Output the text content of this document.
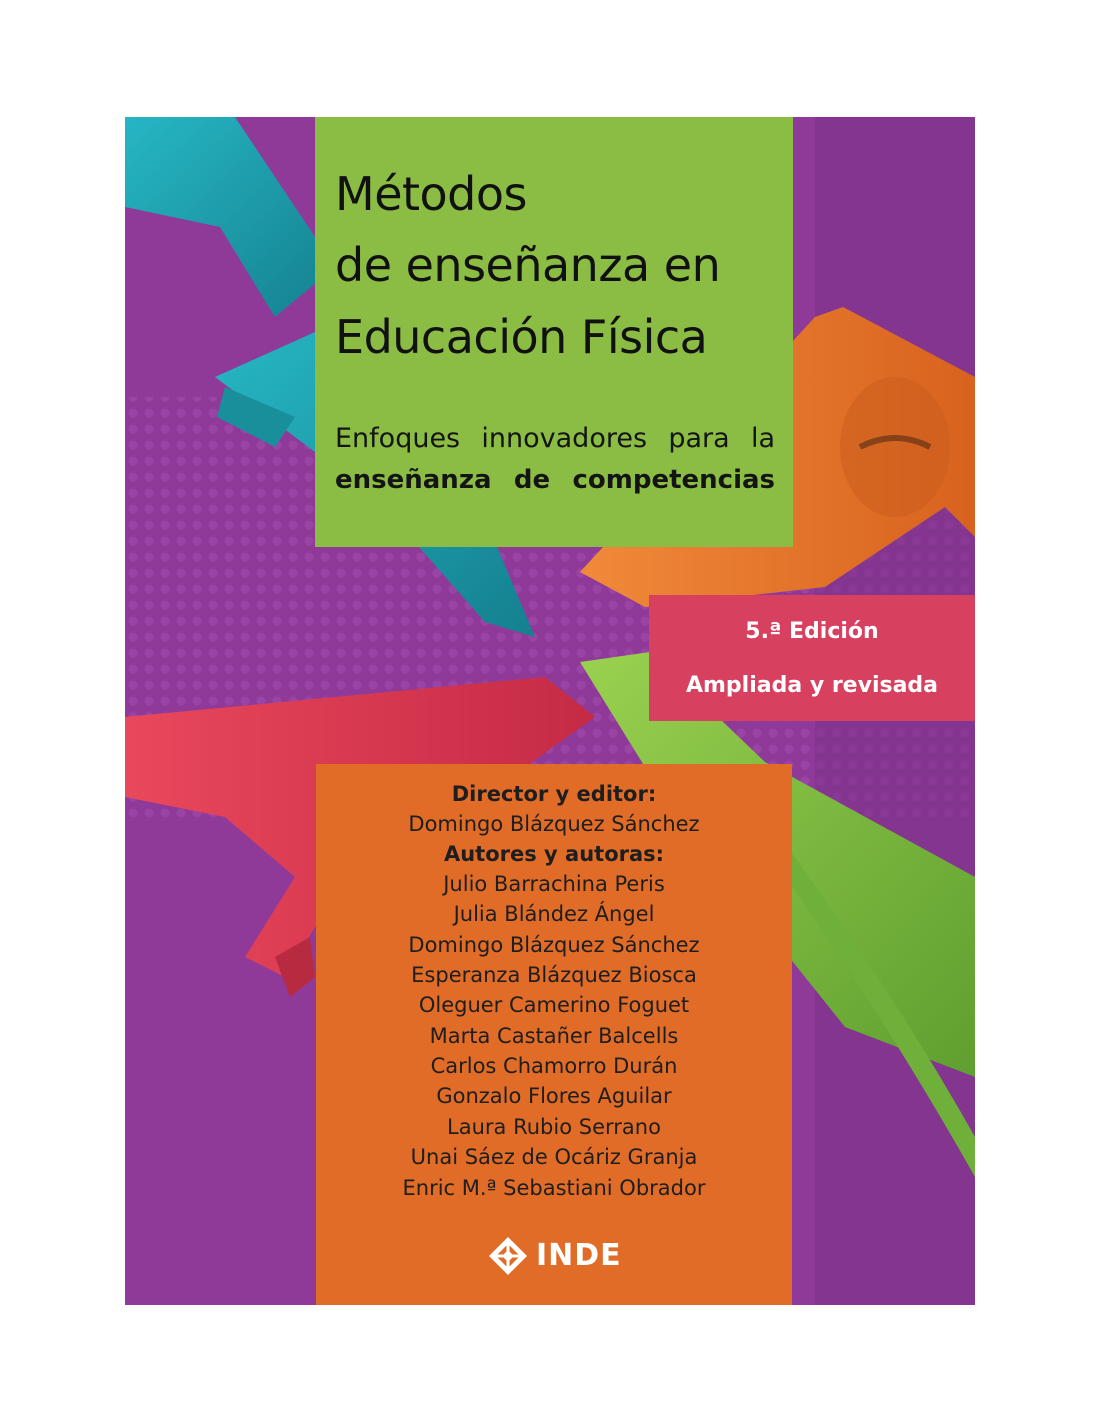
Métodos
de enseñanza en
Educación Física
Enfoques innovadores para la
enseñanza de competencias
5.ª Edición
Ampliada y revisada
Director y editor:
Domingo Blázquez Sánchez
Autores y autoras:
Julio Barrachina Peris
Julia Blández Ángel
Domingo Blázquez Sánchez
Esperanza Blázquez Biosca
Oleguer Camerino Foguet
Marta Castañer Balcells
Carlos Chamorro Durán
Gonzalo Flores Aguilar
Laura Rubio Serrano
Unai Sáez de Ocáriz Granja
Enric M.ª Sebastiani Obrador
INDE
